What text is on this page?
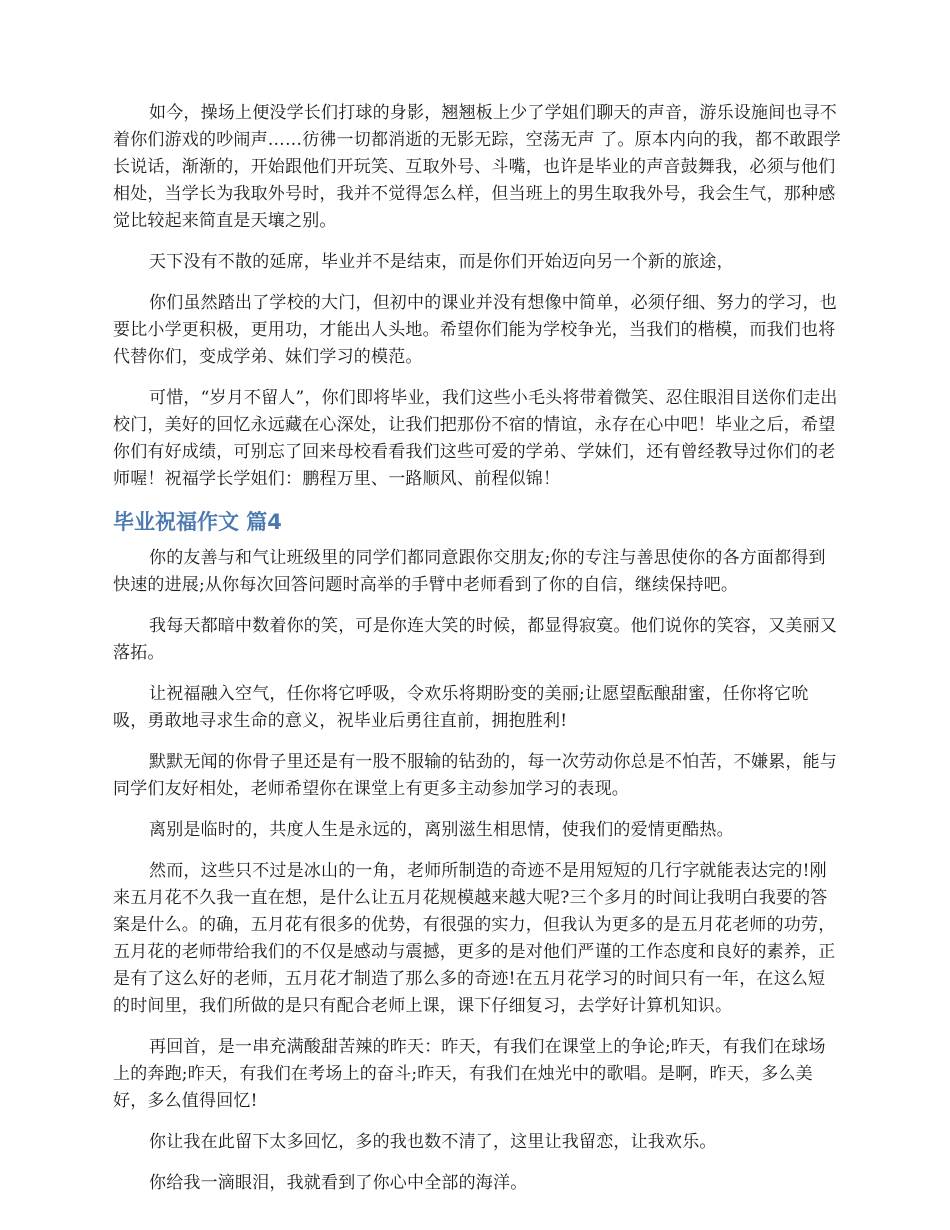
如今，操场上便没学长们打球的身影，翘翘板上少了学姐们聊天的声音，游乐设施间也寻不着你们游戏的吵闹声……彷彿一切都消逝的无影无踪，空荡无声 了。原本内向的我，都不敢跟学长说话，渐渐的，开始跟他们开玩笑、互取外号、斗嘴，也许是毕业的声音鼓舞我，必须与他们相处，当学长为我取外号时，我并不觉得怎么样，但当班上的男生取我外号，我会生气，那种感觉比较起来简直是天壤之别。

天下没有不散的延席，毕业并不是结束，而是你们开始迈向另一个新的旅途，

你们虽然踏出了学校的大门，但初中的课业并没有想像中简单，必须仔细、努力的学习，也要比小学更积极，更用功，才能出人头地。希望你们能为学校争光，当我们的楷模，而我们也将代替你们，变成学弟、妹们学习的模范。

可惜，“岁月不留人”，你们即将毕业，我们这些小毛头将带着微笑、忍住眼泪目送你们走出校门，美好的回忆永远藏在心深处，让我们把那份不宿的情谊，永存在心中吧！毕业之后，希望你们有好成绩，可别忘了回来母校看看我们这些可爱的学弟、学妹们，还有曾经教导过你们的老师喔！祝福学长学姐们：鹏程万里、一路顺风、前程似锦！

毕业祝福作文 篇4

你的友善与和气让班级里的同学们都同意跟你交朋友;你的专注与善思使你的各方面都得到快速的进展;从你每次回答问题时高举的手臂中老师看到了你的自信，继续保持吧。

我每天都暗中数着你的笑，可是你连大笑的时候，都显得寂寞。他们说你的笑容，又美丽又落拓。

让祝福融入空气，任你将它呼吸，令欢乐将期盼变的美丽;让愿望酝酿甜蜜，任你将它吮吸，勇敢地寻求生命的意义，祝毕业后勇往直前，拥抱胜利!

默默无闻的你骨子里还是有一股不服输的钻劲的，每一次劳动你总是不怕苦，不嫌累，能与同学们友好相处，老师希望你在课堂上有更多主动参加学习的表现。

离别是临时的，共度人生是永远的，离别滋生相思情，使我们的爱情更酷热。

然而，这些只不过是冰山的一角，老师所制造的奇迹不是用短短的几行字就能表达完的!刚来五月花不久我一直在想，是什么让五月花规模越来越大呢?三个多月的时间让我明白我要的答案是什么。的确，五月花有很多的优势，有很强的实力，但我认为更多的是五月花老师的功劳，五月花的老师带给我们的不仅是感动与震撼，更多的是对他们严谨的工作态度和良好的素养，正是有了这么好的老师，五月花才制造了那么多的奇迹!在五月花学习的时间只有一年，在这么短的时间里，我们所做的是只有配合老师上课，课下仔细复习，去学好计算机知识。

再回首，是一串充满酸甜苦辣的昨天：昨天，有我们在课堂上的争论;昨天，有我们在球场上的奔跑;昨天，有我们在考场上的奋斗;昨天，有我们在烛光中的歌唱。是啊，昨天，多么美好，多么值得回忆!

你让我在此留下太多回忆，多的我也数不清了，这里让我留恋，让我欢乐。

你给我一滴眼泪，我就看到了你心中全部的海洋。
